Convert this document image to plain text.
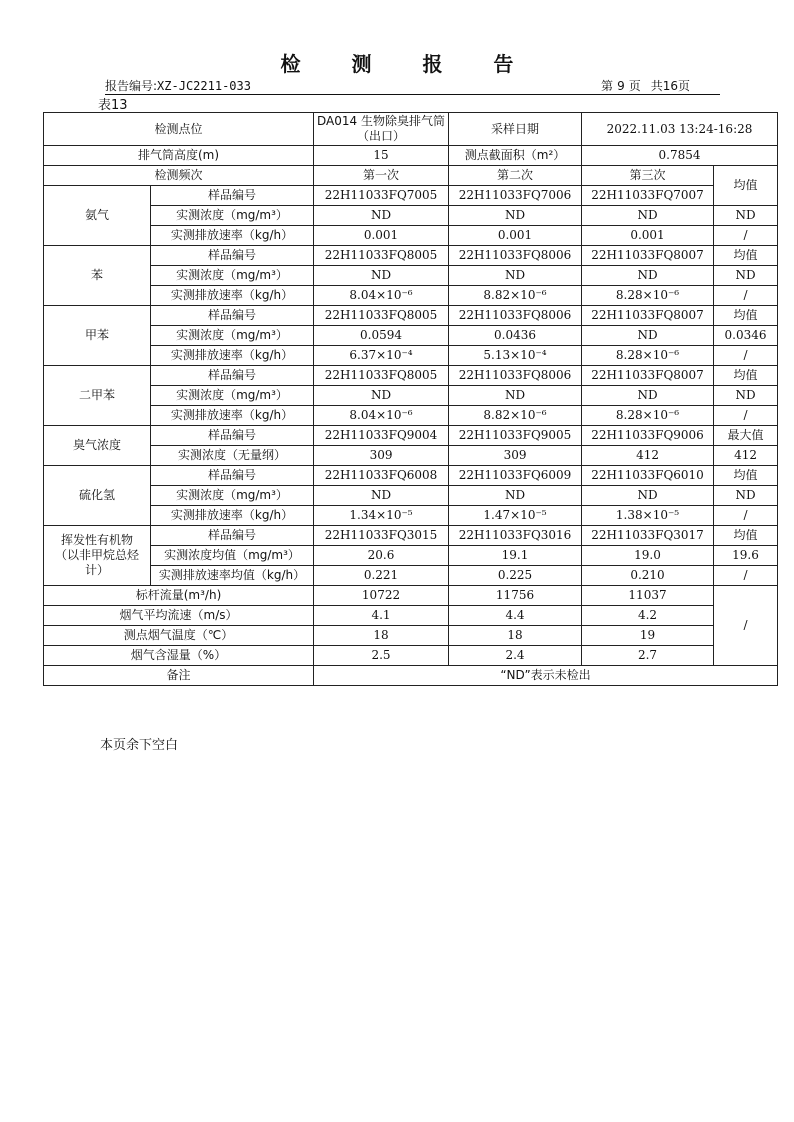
检 测 报 告
报告编号:XZ-JC2211-033	第 9 页 共16页
表13
检测点位		DA014 生物除臭排气筒（出口）	采样日期	2022.11.03 13:24-16:28	
排气筒高度(m)		15	测点截面积（m²）	0.7854	
检测频次		第一次	第二次	第三次	均值
氨气	样品编号	22H11033FQ7005	22H11033FQ7006	22H11033FQ7007	
	实测浓度（mg/m³）	ND	ND	ND	ND
	实测排放速率（kg/h）	0.001	0.001	0.001	/
苯	样品编号	22H11033FQ8005	22H11033FQ8006	22H11033FQ8007	均值
	实测浓度（mg/m³）	ND	ND	ND	ND
	实测排放速率（kg/h）	8.04×10⁻⁶	8.82×10⁻⁶	8.28×10⁻⁶	/
甲苯	样品编号	22H11033FQ8005	22H11033FQ8006	22H11033FQ8007	均值
	实测浓度（mg/m³）	0.0594	0.0436	ND	0.0346
	实测排放速率（kg/h）	6.37×10⁻⁴	5.13×10⁻⁴	8.28×10⁻⁶	/
二甲苯	样品编号	22H11033FQ8005	22H11033FQ8006	22H11033FQ8007	均值
	实测浓度（mg/m³）	ND	ND	ND	ND
	实测排放速率（kg/h）	8.04×10⁻⁶	8.82×10⁻⁶	8.28×10⁻⁶	/
臭气浓度	样品编号	22H11033FQ9004	22H11033FQ9005	22H11033FQ9006	最大值
	实测浓度（无量纲）	309	309	412	412
硫化氢	样品编号	22H11033FQ6008	22H11033FQ6009	22H11033FQ6010	均值
	实测浓度（mg/m³）	ND	ND	ND	ND
	实测排放速率（kg/h）	1.34×10⁻⁵	1.47×10⁻⁵	1.38×10⁻⁵	/
挥发性有机物（以非甲烷总烃计）	样品编号	22H11033FQ3015	22H11033FQ3016	22H11033FQ3017	均值
	实测浓度均值（mg/m³）	20.6	19.1	19.0	19.6
	实测排放速率均值（kg/h）	0.221	0.225	0.210	/
标杆流量(m³/h)		10722	11756	11037	/
烟气平均流速（m/s）		4.1	4.4	4.2	
测点烟气温度（℃）		18	18	19	
烟气含湿量（%）		2.5	2.4	2.7	
备注		“ND”表示未检出			
本页余下空白
